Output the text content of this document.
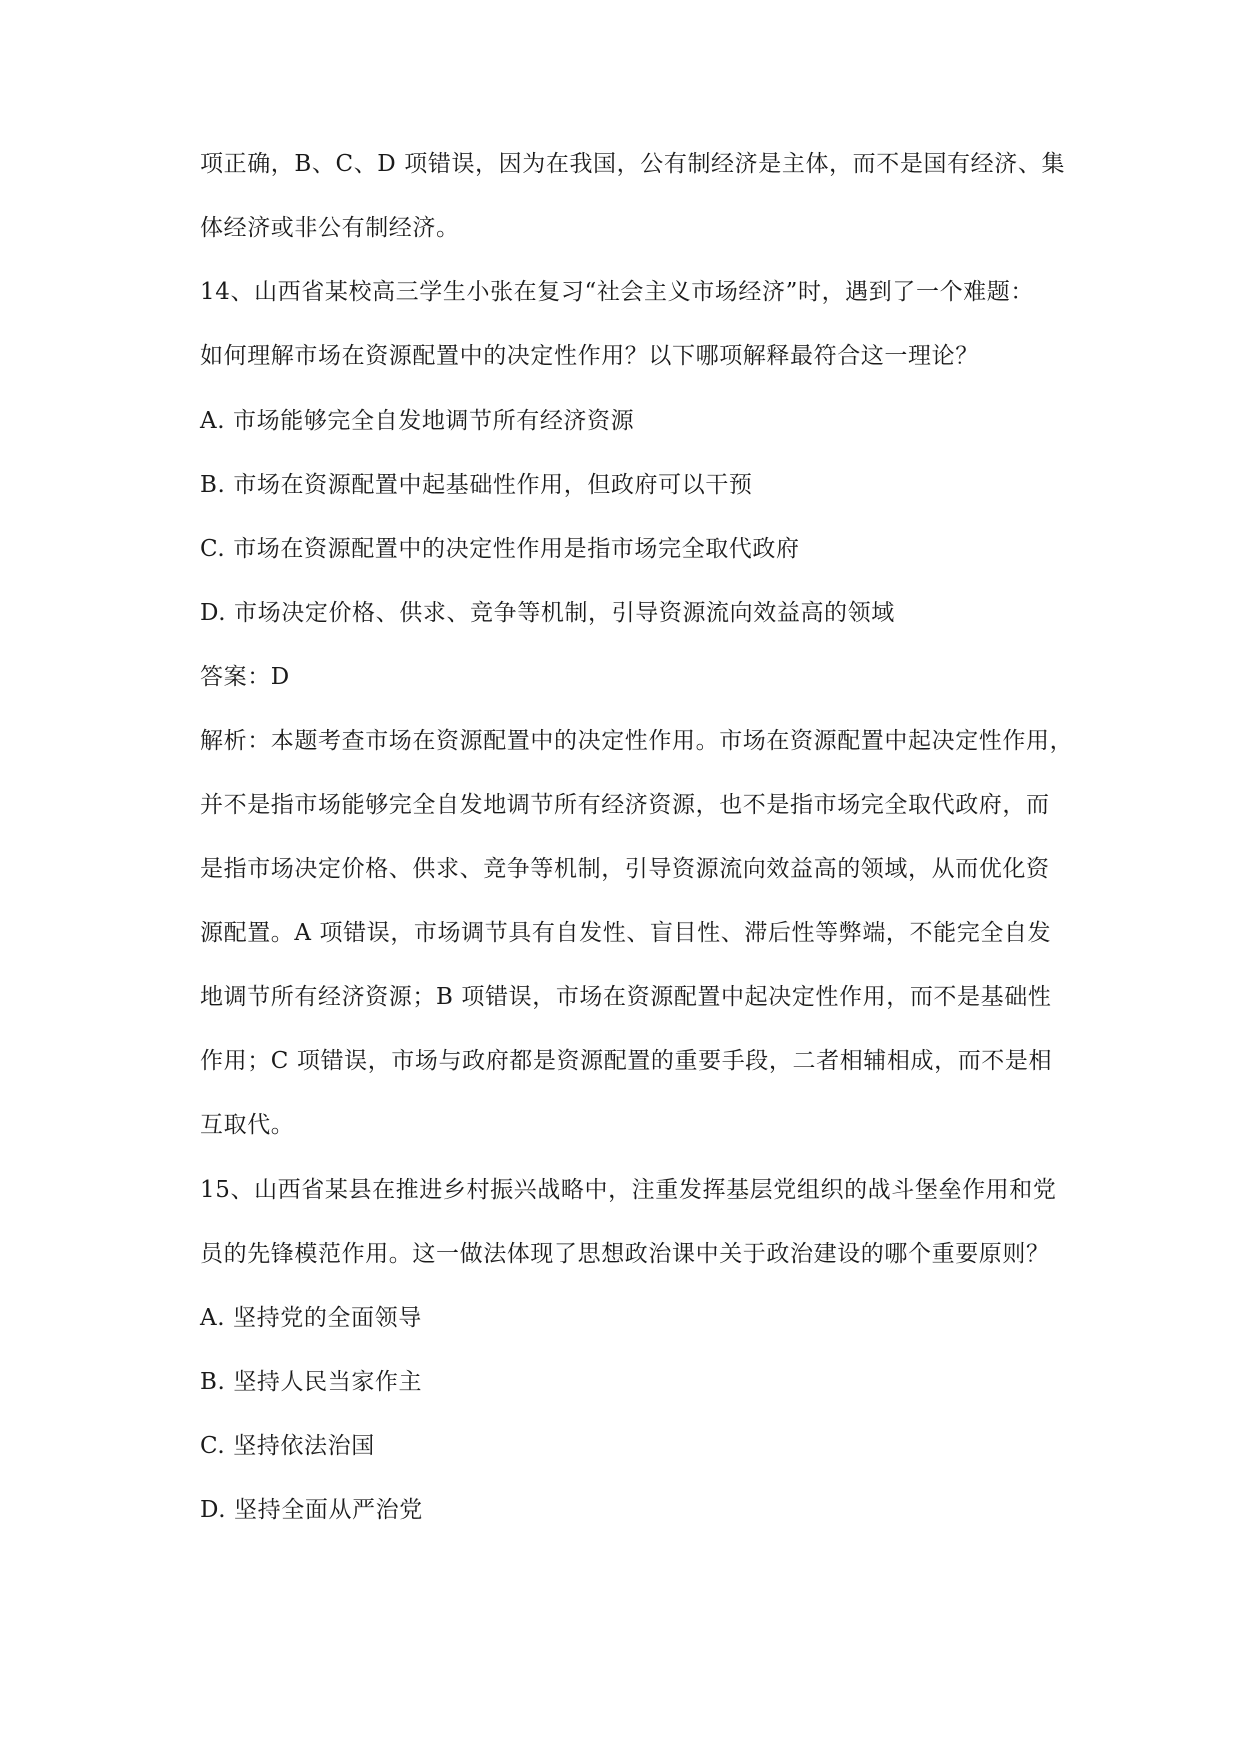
项正确，B、C、D 项错误，因为在我国，公有制经济是主体，而不是国有经济、集
体经济或非公有制经济。
14、山西省某校高三学生小张在复习“社会主义市场经济”时，遇到了一个难题：
如何理解市场在资源配置中的决定性作用？以下哪项解释最符合这一理论？
A. 市场能够完全自发地调节所有经济资源
B. 市场在资源配置中起基础性作用，但政府可以干预
C. 市场在资源配置中的决定性作用是指市场完全取代政府
D. 市场决定价格、供求、竞争等机制，引导资源流向效益高的领域
答案：D
解析：本题考查市场在资源配置中的决定性作用。市场在资源配置中起决定性作用，
并不是指市场能够完全自发地调节所有经济资源，也不是指市场完全取代政府，而
是指市场决定价格、供求、竞争等机制，引导资源流向效益高的领域，从而优化资
源配置。A 项错误，市场调节具有自发性、盲目性、滞后性等弊端，不能完全自发
地调节所有经济资源；B 项错误，市场在资源配置中起决定性作用，而不是基础性
作用；C 项错误，市场与政府都是资源配置的重要手段，二者相辅相成，而不是相
互取代。
15、山西省某县在推进乡村振兴战略中，注重发挥基层党组织的战斗堡垒作用和党
员的先锋模范作用。这一做法体现了思想政治课中关于政治建设的哪个重要原则？
A. 坚持党的全面领导
B. 坚持人民当家作主
C. 坚持依法治国
D. 坚持全面从严治党
